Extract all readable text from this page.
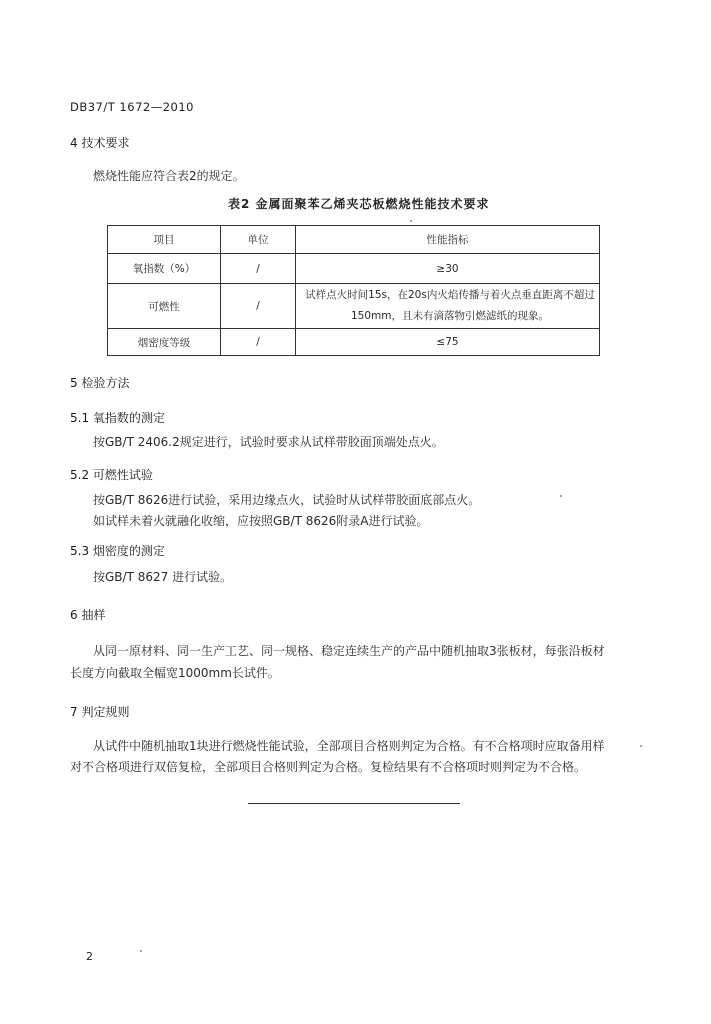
DB37/T 1672—2010
4 技术要求
燃烧性能应符合表2的规定。
表2 金属面聚苯乙烯夹芯板燃烧性能技术要求
项目	单位	性能指标
氧指数（%）	/	≥30
可燃性	/	试样点火时间15s，在20s内火焰传播与着火点垂直距离不超过
150mm，且未有滴落物引燃滤纸的现象。

烟密度等级	/	≤75
5 检验方法
5.1 氧指数的测定
按GB/T 2406.2规定进行，试验时要求从试样带胶面顶端处点火。
5.2 可燃性试验
按GB/T 8626进行试验，采用边缘点火，试验时从试样带胶面底部点火。
如试样未着火就融化收缩，应按照GB/T 8626附录A进行试验。
5.3 烟密度的测定
按GB/T 8627 进行试验。
6 抽样
从同一原材料、同一生产工艺、同一规格、稳定连续生产的产品中随机抽取3张板材，每张沿板材
长度方向截取全幅宽1000mm长试件。
7 判定规则
从试件中随机抽取1块进行燃烧性能试验，全部项目合格则判定为合格。有不合格项时应取备用样
对不合格项进行双倍复检，全部项目合格则判定为合格。复检结果有不合格项时则判定为不合格。
2
